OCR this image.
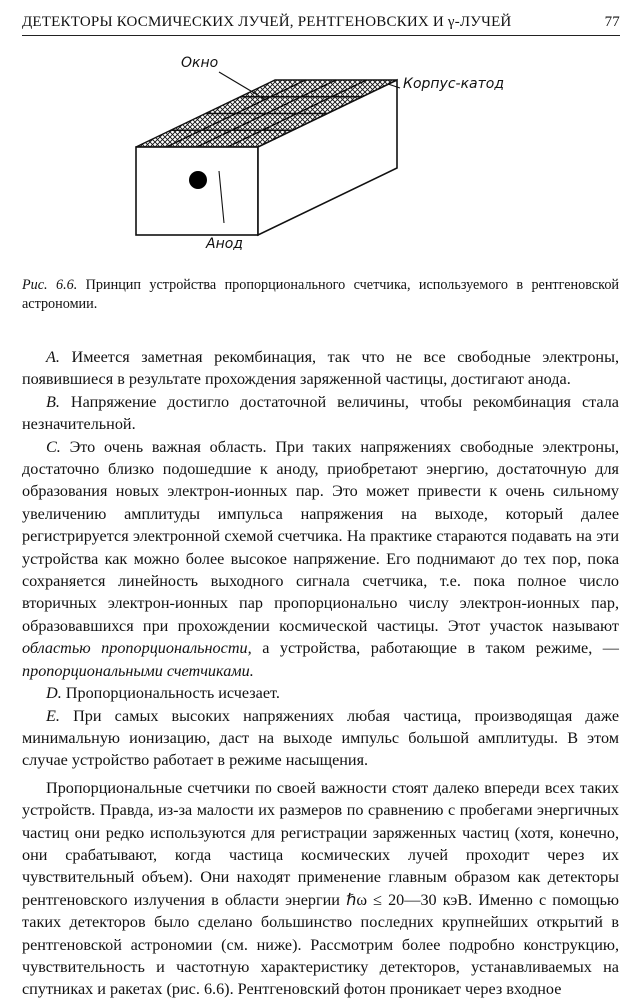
ДЕТЕКТОРЫ КОСМИЧЕСКИХ ЛУЧЕЙ, РЕНТГЕНОВСКИХ И γ-ЛУЧЕЙ	77
Окно
Корпус-катод
Анод
Рис. 6.6. Принцип устройства пропорционального счетчика, используемого в рентгеновской астрономии.

A. Имеется заметная рекомбинация, так что не все свободные электроны, появившиеся в результате прохождения заряженной частицы, достигают анода.

B. Напряжение достигло достаточной величины, чтобы рекомбинация стала незначительной.

C. Это очень важная область. При таких напряжениях свободные электроны, достаточно близко подошедшие к аноду, приобретают энергию, достаточную для образования новых электрон-ионных пар. Это может привести к очень сильному увеличению амплитуды импульса напряжения на выходе, который далее регистрируется электронной схемой счетчика. На практике стараются подавать на эти устройства как можно более высокое напряжение. Его поднимают до тех пор, пока сохраняется линейность выходного сигнала счетчика, т.е. пока полное число вторичных электрон-ионных пар пропорционально числу электрон-ионных пар, образовавшихся при прохождении космической частицы. Этот участок называют областью пропорциональности, а устройства, работающие в таком режиме, — пропорциональными счетчиками.

D. Пропорциональность исчезает.

E. При самых высоких напряжениях любая частица, производящая даже минимальную ионизацию, даст на выходе импульс большой амплитуды. В этом случае устройство работает в режиме насыщения.

Пропорциональные счетчики по своей важности стоят далеко впереди всех таких устройств. Правда, из-за малости их размеров по сравнению с пробегами энергичных частиц они редко используются для регистрации заряженных частиц (хотя, конечно, они срабатывают, когда частица космических лучей проходит через их чувствительный объем). Они находят применение главным образом как детекторы рентгеновского излучения в области энергии ℏω ≤ 20—30 кэВ. Именно с помощью таких детекторов было сделано большинство последних крупнейших открытий в рентгеновской астрономии (см. ниже). Рассмотрим более подробно конструкцию, чувствительность и частотную характеристику детекторов, устанавливаемых на спутниках и ракетах (рис. 6.6). Рентгеновский фотон проникает через входное
